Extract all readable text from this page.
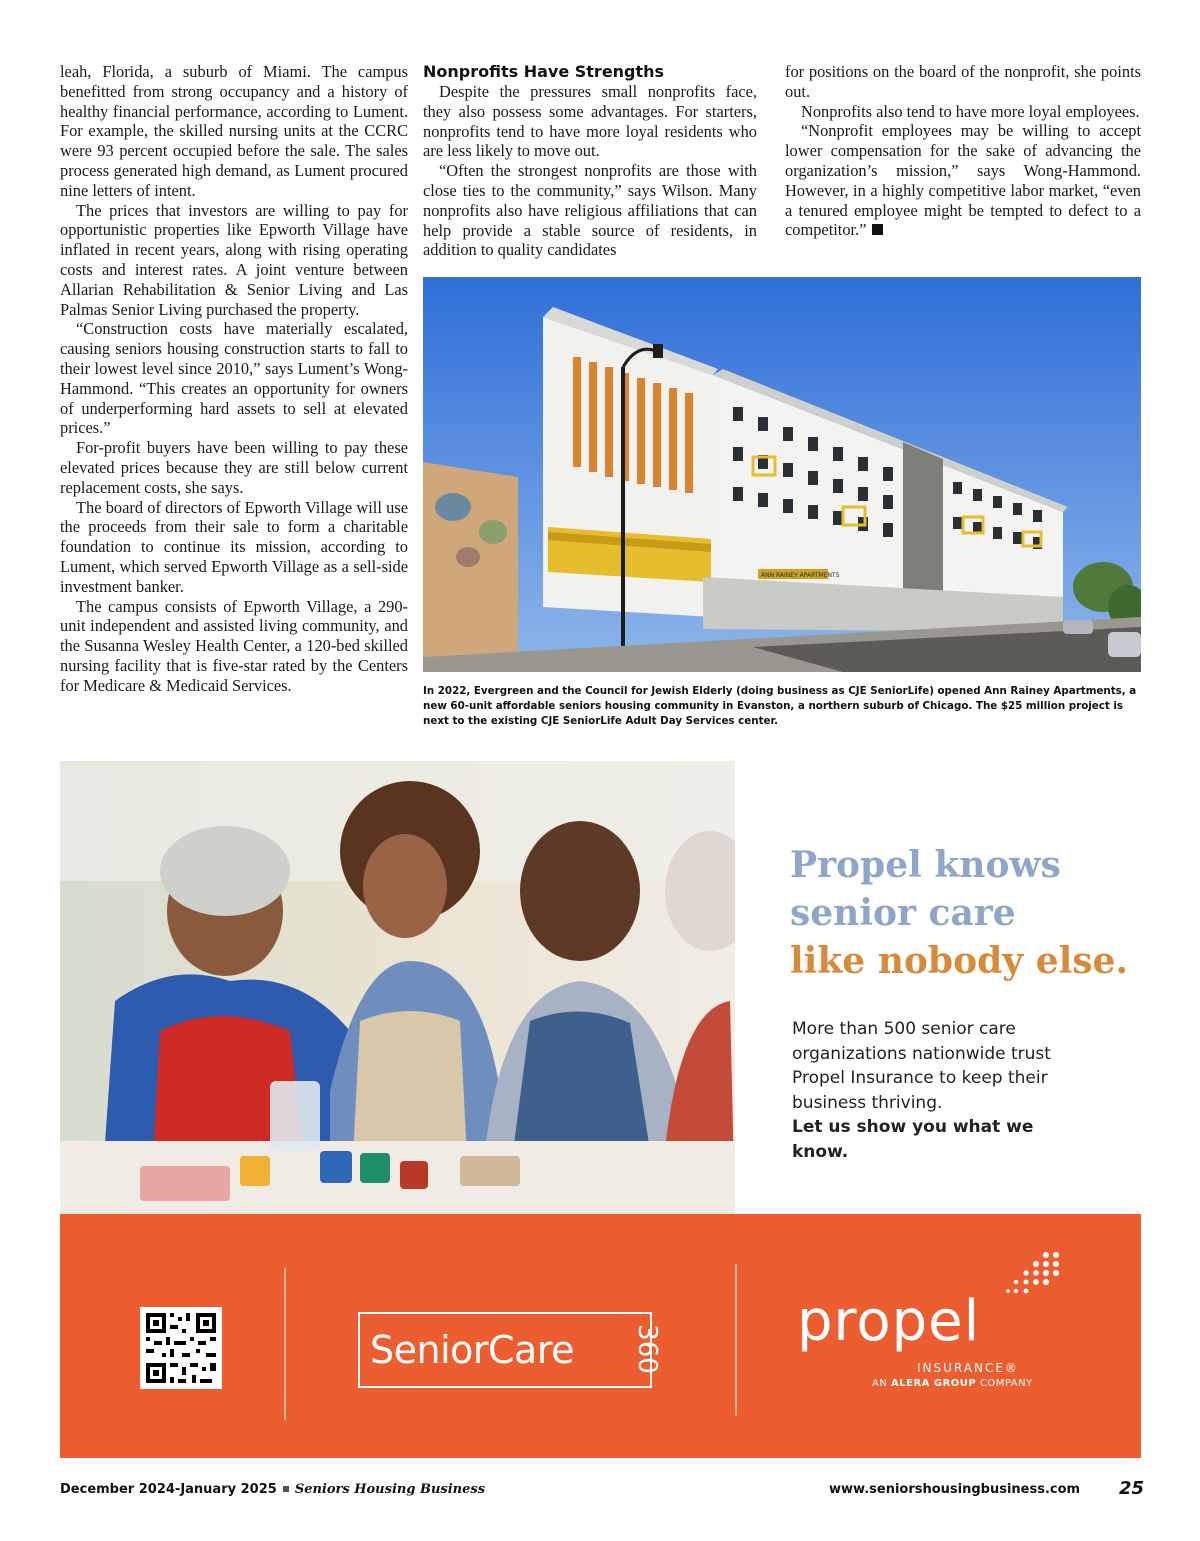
leah, Florida, a suburb of Miami. The campus benefitted from strong occupancy and a history of healthy financial performance, according to Lument. For example, the skilled nursing units at the CCRC were 93 percent occupied before the sale. The sales process generated high demand, as Lument procured nine letters of intent.

The prices that investors are willing to pay for opportunistic properties like Epworth Village have inflated in recent years, along with rising operating costs and interest rates. A joint venture between Allarian Rehabilitation & Senior Living and Las Palmas Senior Living purchased the property.

“Construction costs have materially escalated, causing seniors housing construction starts to fall to their lowest level since 2010,” says Lument’s Wong-Hammond. “This creates an opportunity for owners of underperforming hard assets to sell at elevated prices.”

For-profit buyers have been willing to pay these elevated prices because they are still below current replacement costs, she says.

The board of directors of Epworth Village will use the proceeds from their sale to form a charitable foundation to continue its mission, according to Lument, which served Epworth Village as a sell-side investment banker.

The campus consists of Epworth Village, a 290-unit independent and assisted living community, and the Susanna Wesley Health Center, a 120-bed skilled nursing facility that is five-star rated by the Centers for Medicare & Medicaid Services.

Nonprofits Have Strengths

Despite the pressures small nonprofits face, they also possess some advantages. For starters, nonprofits tend to have more loyal residents who are less likely to move out.

“Often the strongest nonprofits are those with close ties to the community,” says Wilson. Many nonprofits also have religious affiliations that can help provide a stable source of residents, in addition to quality candidates

for positions on the board of the nonprofit, she points out.

Nonprofits also tend to have more loyal employees.

“Nonprofit employees may be willing to accept lower compensation for the sake of advancing the organization’s mission,” says Wong-Hammond. However, in a highly competitive labor market, “even a tenured employee might be tempted to defect to a competitor.”

ANN RAINEY APARTMENTS
In 2022, Evergreen and the Council for Jewish Elderly (doing business as CJE SeniorLife) opened Ann Rainey Apartments, a new 60-unit affordable seniors housing community in Evanston, a northern suburb of Chicago. The $25 million project is next to the existing CJE SeniorLife Adult Day Services center.
Propel knows
senior care
like nobody else.
More than 500 senior care organizations nationwide trust Propel Insurance to keep their business thriving.
Let us show you what we know.
SeniorCare 360 propel
INSURANCE®
AN ALERA GROUP COMPANY
December 2024-January 2025 Seniors Housing Business	www.seniorshousingbusiness.com 25
